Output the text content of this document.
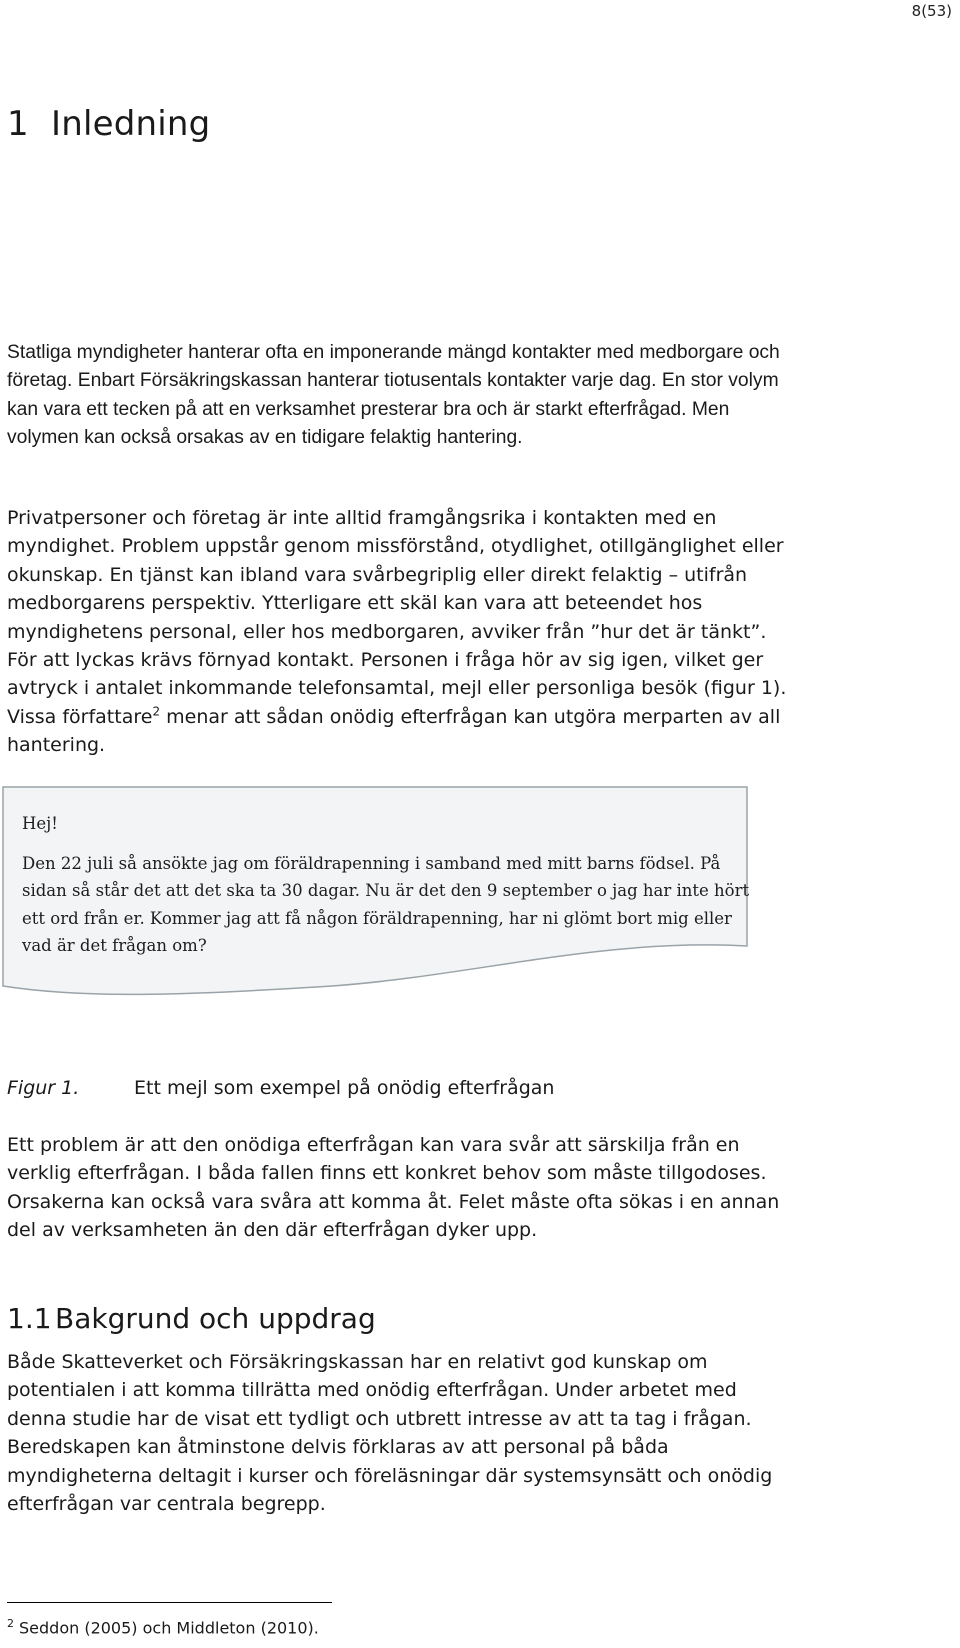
8(53)
1 Inledning

Statliga myndigheter hanterar ofta en imponerande mängd kontakter med medborgare och företag. Enbart Försäkringskassan hanterar tiotusentals kontakter varje dag. En stor volym kan vara ett tecken på att en verksamhet presterar bra och är starkt efterfrågad. Men volymen kan också orsakas av en tidigare felaktig hantering.

Privatpersoner och företag är inte alltid framgångsrika i kontakten med en myndighet. Problem uppstår genom missförstånd, otydlighet, otillgänglighet eller okunskap. En tjänst kan ibland vara svårbegriplig eller direkt felaktig – utifrån medborgarens perspektiv. Ytterligare ett skäl kan vara att beteendet hos myndighetens personal, eller hos medborgaren, avviker från ”hur det är tänkt”. För att lyckas krävs förnyad kontakt. Personen i fråga hör av sig igen, vilket ger avtryck i antalet inkommande telefonsamtal, mejl eller personliga besök (figur 1). Vissa författare$^2$ menar att sådan onödig efterfrågan kan utgöra merparten av all hantering.

Hej!

Den 22 juli så ansökte jag om föräldrapenning i samband med mitt barns födsel. På sidan så står det att det ska ta 30 dagar. Nu är det den 9 september o jag har inte hört ett ord från er. Kommer jag att få någon föräldrapenning, har ni glömt bort mig eller vad är det frågan om?

Figur 1.	Ett mejl som exempel på onödig efterfrågan

Ett problem är att den onödiga efterfrågan kan vara svår att särskilja från en verklig efterfrågan. I båda fallen finns ett konkret behov som måste tillgodoses. Orsakerna kan också vara svåra att komma åt. Felet måste ofta sökas i en annan del av verksamheten än den där efterfrågan dyker upp.

1.1 Bakgrund och uppdrag

Både Skatteverket och Försäkringskassan har en relativt god kunskap om potentialen i att komma tillrätta med onödig efterfrågan. Under arbetet med denna studie har de visat ett tydligt och utbrett intresse av att ta tag i frågan. Beredskapen kan åtminstone delvis förklaras av att personal på båda myndigheterna deltagit i kurser och föreläsningar där systemsynsätt och onödig efterfrågan var centrala begrepp.

$^2$ Seddon (2005) och Middleton (2010).
